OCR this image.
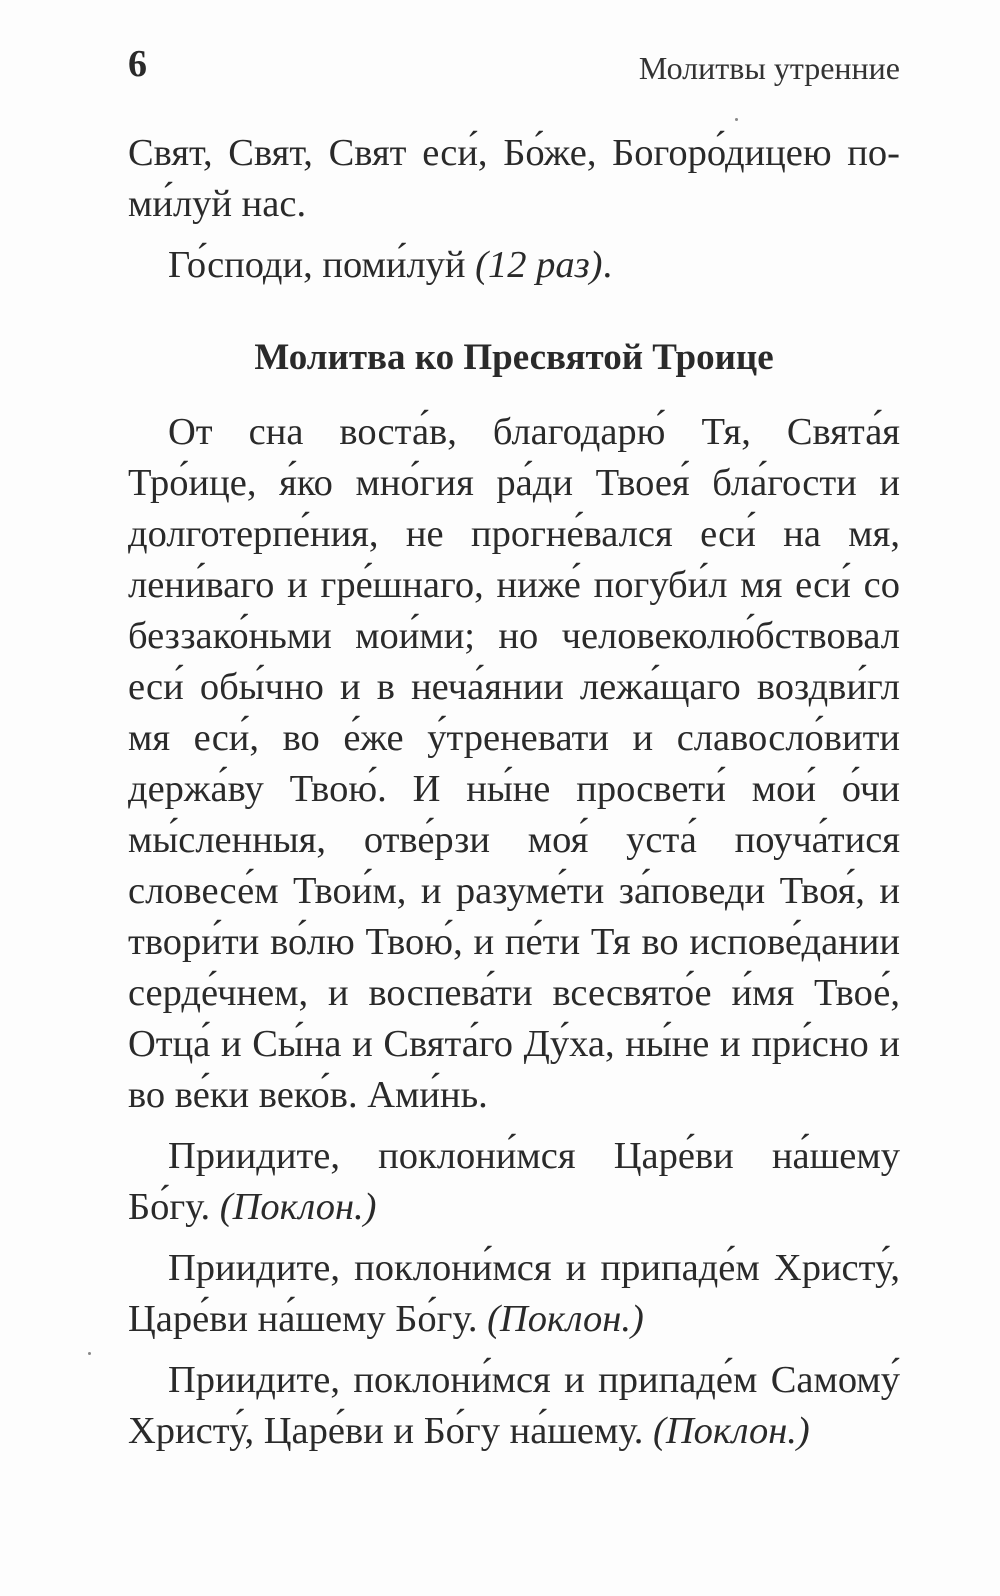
6	Молитвы утренние

Свят, Свят, Свят еси́, Бо́же, Богоро́дицею поми́луй нас.

Го́споди, поми́луй (12 раз).

Молитва ко Пресвятой Троице

От сна воста́в, благодарю́ Тя, Свята́я Тро́ице, я́ко мно́гия ра́ди Твоея́ бла́гости и долготерпе́ния, не прогне́вался еси́ на мя, лени́ваго и гре́шнаго, ниже́ погуби́л мя еси́ со беззако́ньми мои́ми; но человеколю́бствовал еси́ обы́чно и в неча́янии лежа́щаго воздви́гл мя еси́, во е́же у́треневати и славосло́вити держа́ву Твою́. И ны́не просвети́ мои́ о́чи мы́сленныя, отве́рзи моя́ уста́ поуча́тися словесе́м Твои́м, и разуме́ти за́поведи Твоя́, и твори́ти во́лю Твою́, и пе́ти Тя во испове́дании серде́чнем, и воспева́ти всесвято́е и́мя Твое́, Отца́ и Сы́на и Свята́го Ду́ха, ны́не и при́сно и во ве́ки веко́в. Ами́нь.

Приидите, поклони́мся Царе́ви на́шему Бо́гу. (Поклон.)

Приидите, поклони́мся и припаде́м Христу́, Царе́ви на́шему Бо́гу. (Поклон.)

Приидите, поклони́мся и припаде́м Самому́ Христу́, Царе́ви и Бо́гу на́шему. (Поклон.)
